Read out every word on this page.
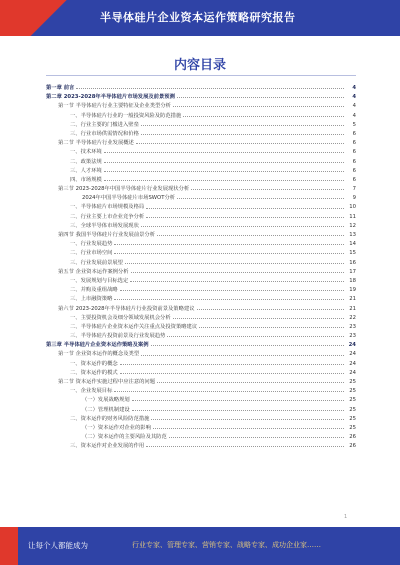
半导体硅片企业资本运作策略研究报告
内容目录
第一章 前言	4
第二章 2023-2028年半导体硅片市场发展及前景预测	4
第一节 半导体硅片行业主要特征及企业类型分析	4
一、半导体硅片行业的一般投资风险及防范措施	4
二、行业主要的门槛进入壁垒	5
三、行业市场供需情况和价格	6
第二节 半导体硅片行业发展概述	6
一、技术环境	6
二、政策法规	6
三、人才环境	6
四、市场规模	6
第三节 2023-2028年中国半导体硅片行业发展现状分析	7
2024年中国半导体硅片市场SWOT分析	9
一、半导体硅片市场规模及格局	10
二、行业主要上市企业竞争分析	11
三、全球半导体市场发展现状	12
第四节 我国半导体硅片行业发展前景分析	13
一、行业发展趋势	14
二、行业市场空间	15
三、行业发展前景展望	16
第五节 企业资本运作案例分析	17
一、发展规划与目标选定	18
二、并购及重组战略	19
三、上市融资策略	21
第六节 2023-2028年半导体硅片行业投资前景及策略建议	21
一、主要投资机会及细分领域发展机会分析	22
二、半导体硅片企业资本运作关注重点及投资策略建议	23
三、半导体硅片投资前景及行业发展趋势	23
第三章 半导体硅片企业资本运作策略及案例	24
第一节 企业资本运作的概念及类型	24
一、资本运作的概念	24
二、资本运作的模式	24
第二节 资本运作实施过程中应注意的问题	25
一、企业发展目标	25
（一）发展战略规划	25
（二）管理机制建设	25
二、资本运作的财务风险防范措施	25
（一）资本运作对企业的影响	25
（二）资本运作的主要风险及其防范	26
三、资本运作对企业发展的作用	26
1
让每个人都能成为	行业专家、管理专家、营销专家、战略专家、成功企业家……
